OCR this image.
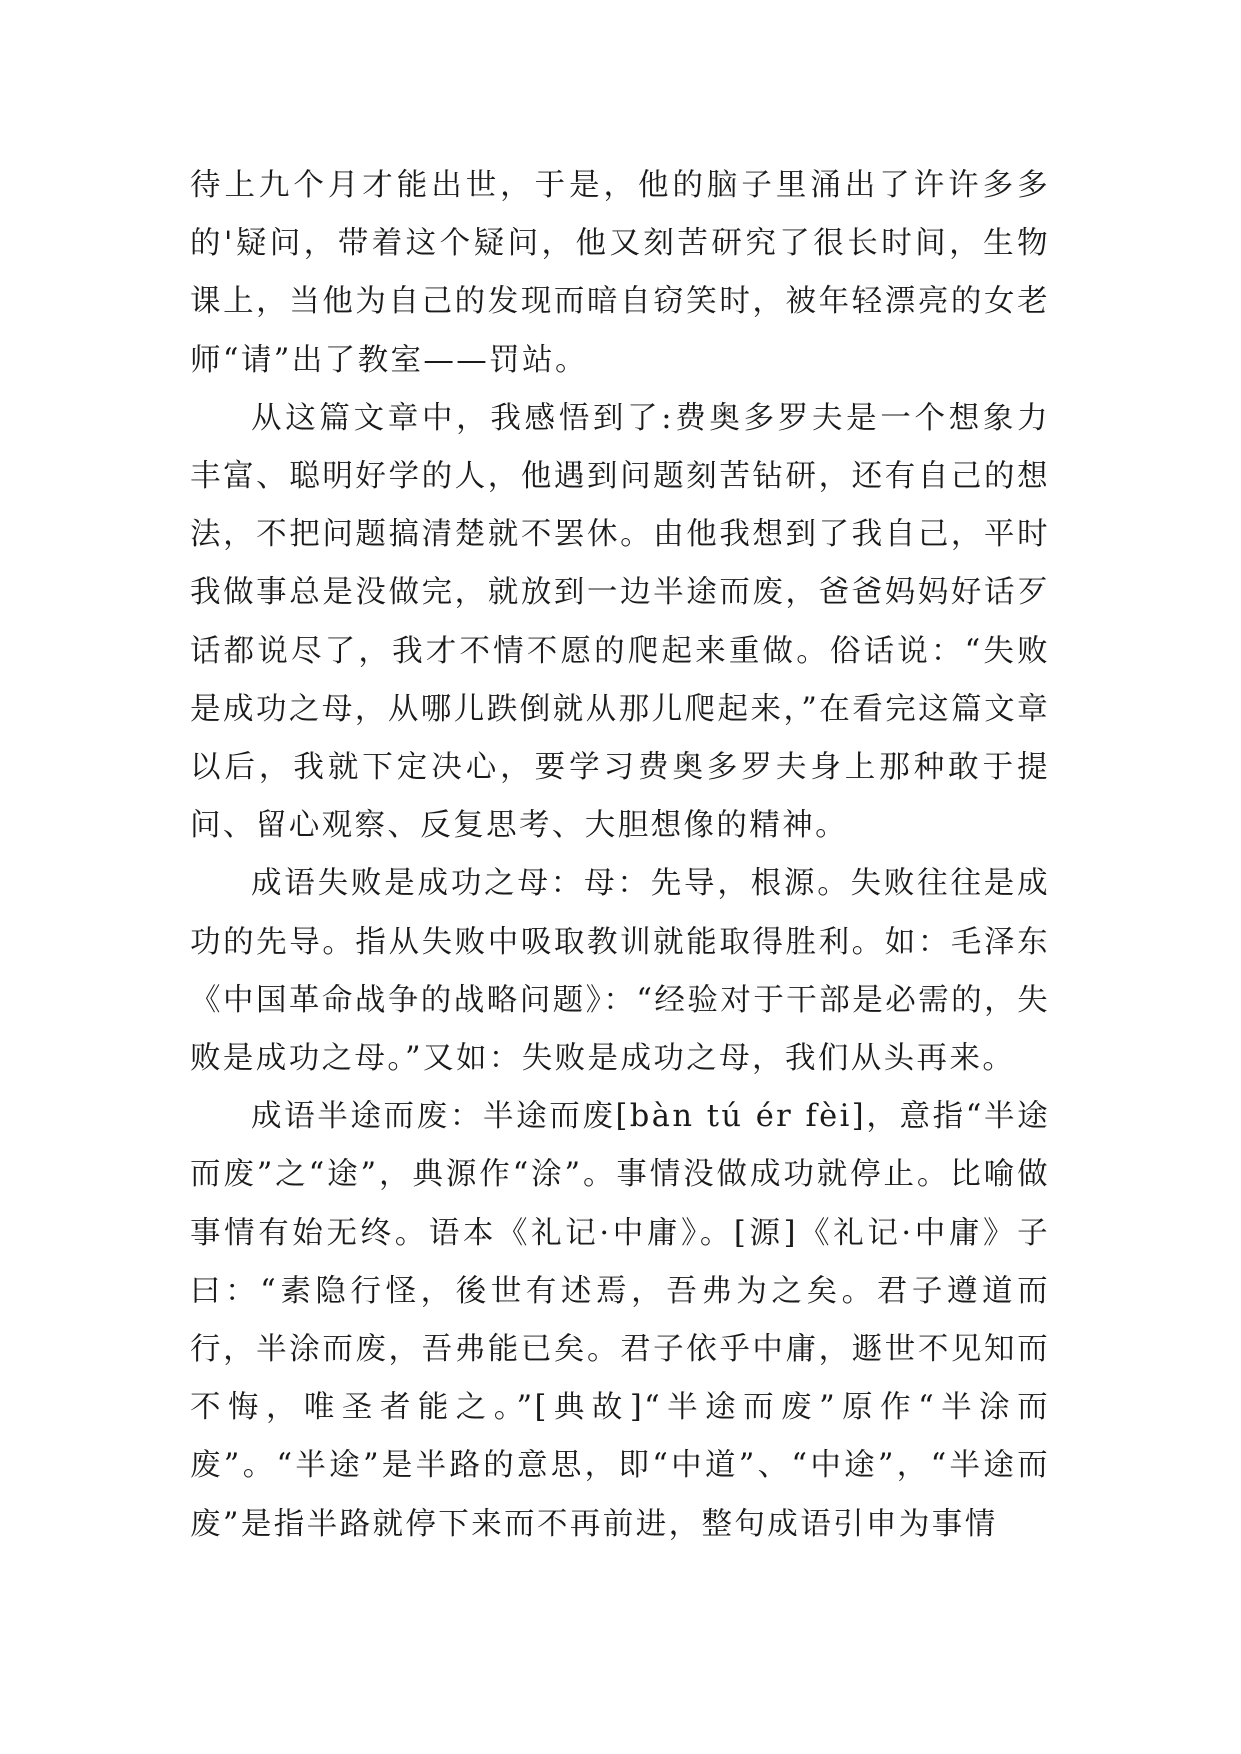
待上九个月才能出世，于是，他的脑子里涌出了许许多多的'疑问，带着这个疑问，他又刻苦研究了很长时间，生物课上，当他为自己的发现而暗自窃笑时，被年轻漂亮的女老师“请”出了教室——罚站。

从这篇文章中，我感悟到了:费奥多罗夫是一个想象力丰富、聪明好学的人，他遇到问题刻苦钻研，还有自己的想法，不把问题搞清楚就不罢休。由他我想到了我自己，平时我做事总是没做完，就放到一边半途而废，爸爸妈妈好话歹话都说尽了，我才不情不愿的爬起来重做。俗话说：“失败是成功之母，从哪儿跌倒就从那儿爬起来，”在看完这篇文章以后，我就下定决心，要学习费奥多罗夫身上那种敢于提问、留心观察、反复思考、大胆想像的精神。

成语失败是成功之母：母：先导，根源。失败往往是成功的先导。指从失败中吸取教训就能取得胜利。如：毛泽东《中国革命战争的战略问题》：“经验对于干部是必需的，失败是成功之母。”又如：失败是成功之母，我们从头再来。

成语半途而废：半途而废[bàn tú ér fèi]，意指“半途而废”之“途”，典源作“涂”。事情没做成功就停止。比喻做事情有始无终。语本《礼记·中庸》。[源]《礼记·中庸》子曰：“素隐行怪，後世有述焉，吾弗为之矣。君子遵道而行，半涂而废，吾弗能已矣。君子依乎中庸，遯世不见知而不悔，唯圣者能之。”[典故]“半途而废”原作“半涂而废”。“半途”是半路的意思，即“中道”、“中途”，“半途而废”是指半路就停下来而不再前进，整句成语引申为事情
